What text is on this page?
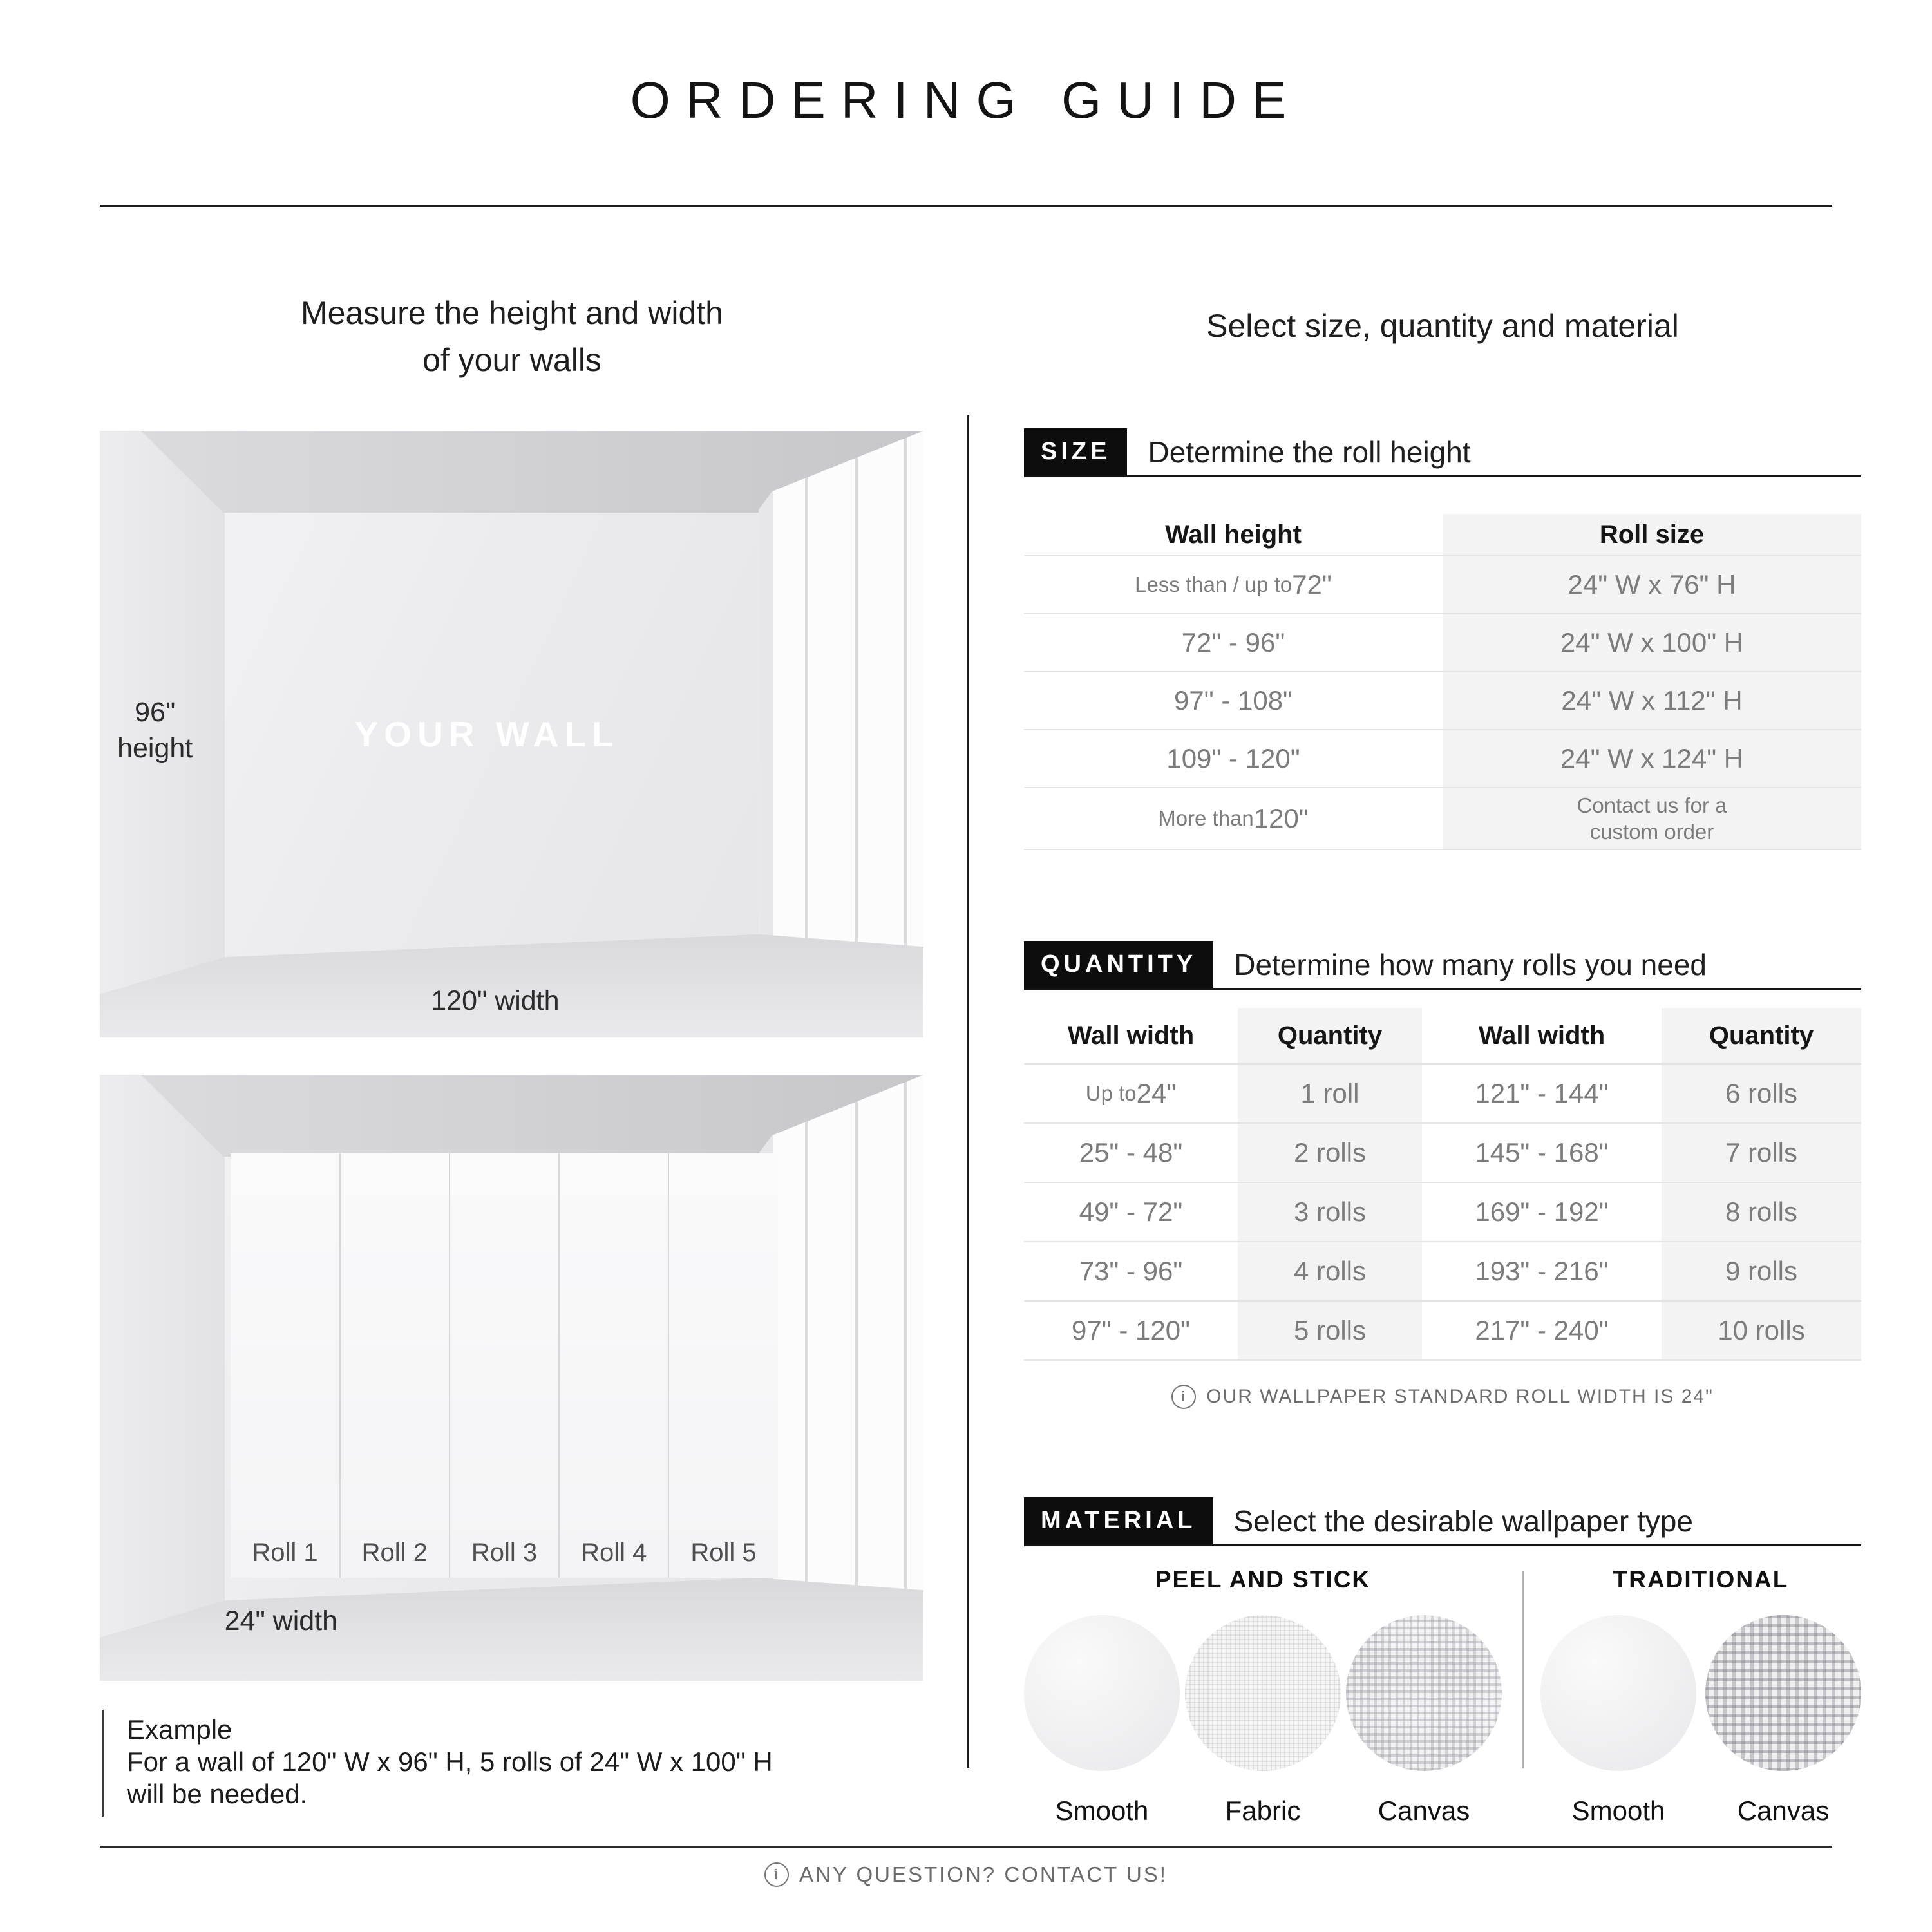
ORDERING GUIDE
Measure the height and width
of your walls
Select size, quantity and material
96"
height	YOUR WALL
120" width
Roll 1	Roll 2	Roll 3	Roll 4	Roll 5
24" width
Example
For a wall of 120" W x 96" H, 5 rolls of 24" W x 100" H
will be needed.
SIZE	Determine the roll height
Wall height	Roll size
Less than / up to 72"	24" W x 76" H
72" - 96"	24" W x 100" H
97" - 108"	24" W x 112" H
109" - 120"	24" W x 124" H
More than 120"	Contact us for a
custom order
QUANTITY	Determine how many rolls you need
Wall width	Quantity	Wall width	Quantity
Up to 24"	1 roll	121" - 144"	6 rolls
25" - 48"	2 rolls	145" - 168"	7 rolls
49" - 72"	3 rolls	169" - 192"	8 rolls
73" - 96"	4 rolls	193" - 216"	9 rolls
97" - 120"	5 rolls	217" - 240"	10 rolls
i	OUR WALLPAPER STANDARD ROLL WIDTH IS 24"
MATERIAL	Select the desirable wallpaper type
PEEL AND STICK
Smooth	Fabric	Canvas
TRADITIONAL
Smooth	Canvas
i ANY QUESTION? CONTACT US!
